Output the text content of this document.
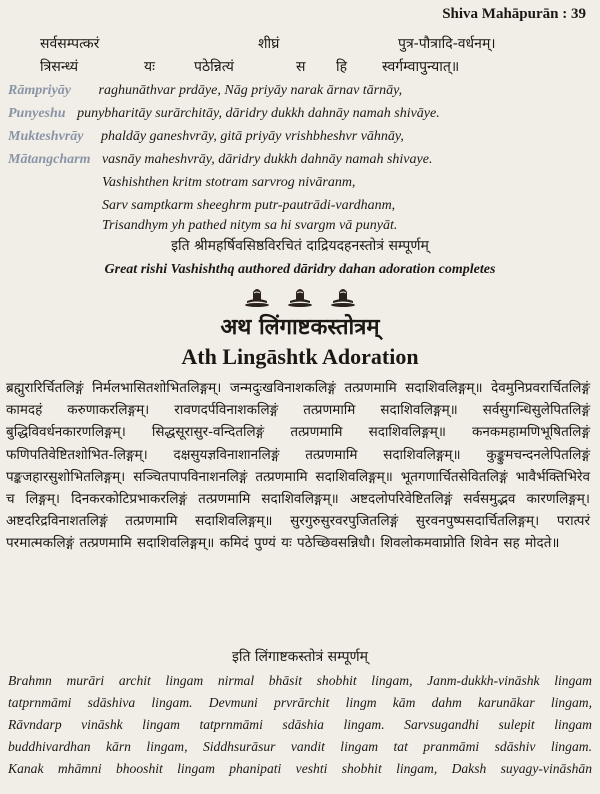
Shiva Mahāpurān : 39
सर्वसम्पत्करं	शीघ्रं	पुत्र-पौत्रादि-वर्धनम्।
त्रिसन्ध्यं	यः	पठेन्नित्यं	स हि स्वर्गम्वापुन्यात्॥
Rāmpriyāy raghunāthvar prdāye, Nāg priyāy narak ārnav tārnāy,
Punyeshu punybharitāy surārchitāy, dāridry dukkh dahnāy namah shivāye.
Mukteshvrāy phaldāy ganeshvrāy, gitā priyāy vrishbheshvr vāhnāy,
Mātangcharm vasnāy maheshvrāy, dāridry dukkh dahnāy namah shivaye.
Vashishthen kritm stotram sarvrog nivāranm,
Sarv samptkarm sheeghrm putr-pautrādi-vardhanm,
Trisandhym yh pathed nitym sa hi svargm vā punyāt.
इति श्रीमहर्षिवसिष्ठविरचितं दाद्रियदहनस्तोत्रं सम्पूर्णम्
Great rishi Vashishthq authored dāridry dahan adoration completes

अथ लिंगाष्टकस्तोत्रम्
Ath Lingāshtk Adoration
ब्रह्मुरारिर्चितलिङ्गं निर्मलभासितशोभितलिङ्गम्। जन्मदुःखविनाशकलिङ्गं तत्प्रणमामि सदाशिवलिङ्गम्॥ देवमुनिप्रवरार्चितलिङ्गं कामदहं करुणाकरलिङ्गम्। रावणदर्पविनाशकलिङ्गं तत्प्रणमामि सदाशिवलिङ्गम्॥ सर्वसुगन्धिसुलेपितलिङ्गं बुद्धिविवर्धनकारणलिङ्गम्। सिद्धसूरासुर-वन्दितलिङ्गं तत्प्रणमामि सदाशिवलिङ्गम्॥ कनकमहामणिभूषितलिङ्गं फणिपतिवेष्टितशोभित-लिङ्गम्। दक्षसुयज्ञविनाशानलिङ्गं तत्प्रणमामि सदाशिवलिङ्गम्॥ कुङ्कुमचन्दनलेपितलिङ्गं पङ्कजहारसुशोभितलिङ्गम्। सञ्चितपापविनाशनलिङ्गं तत्प्रणमामि सदाशिवलिङ्गम्॥ भूतगणार्चितसेवितलिङ्गं भावैर्भक्तिभिरेव च लिङ्गम्। दिनकरकोटिप्रभाकरलिङ्गं तत्प्रणमामि सदाशिवलिङ्गम्॥ अष्टदलोपरिवेष्टितलिङ्गं सर्वसमुद्भव कारणलिङ्गम्। अष्टदरिद्रविनाशतलिङ्गं तत्प्रणमामि सदाशिवलिङ्गम्॥ सुरगुरुसुरवरपुजितलिङ्गं सुरवनपुष्पसदार्चितलिङ्गम्। परात्परं परमात्मकलिङ्गं तत्प्रणमामि सदाशिवलिङ्गम्॥ कमिदं पुण्यं यः पठेच्छिवसन्निधौ। शिवलोकमवाप्नोति शिवेन सह मोदते॥
इति लिंगाष्टकस्तोत्रं सम्पूर्णम्
Brahmn murāri archit lingam nirmal bhāsit shobhit lingam, Janm-dukkh-vināshk lingam
tatprnmāmi sdāshiva lingam. Devmuni prvrārchit lingm kām dahm karunākar lingam,
Rāvndarp vināshk lingam tatprnmāmi sdāshia lingam. Sarvsugandhi sulepit lingam
buddhivardhan kārn lingam, Siddhsurāsur vandit lingam tat pranmāmi sdāshiv lingam.
Kanak mhāmni bhooshit lingam phanipati veshti shobhit lingam, Daksh suyagy-vināshān
